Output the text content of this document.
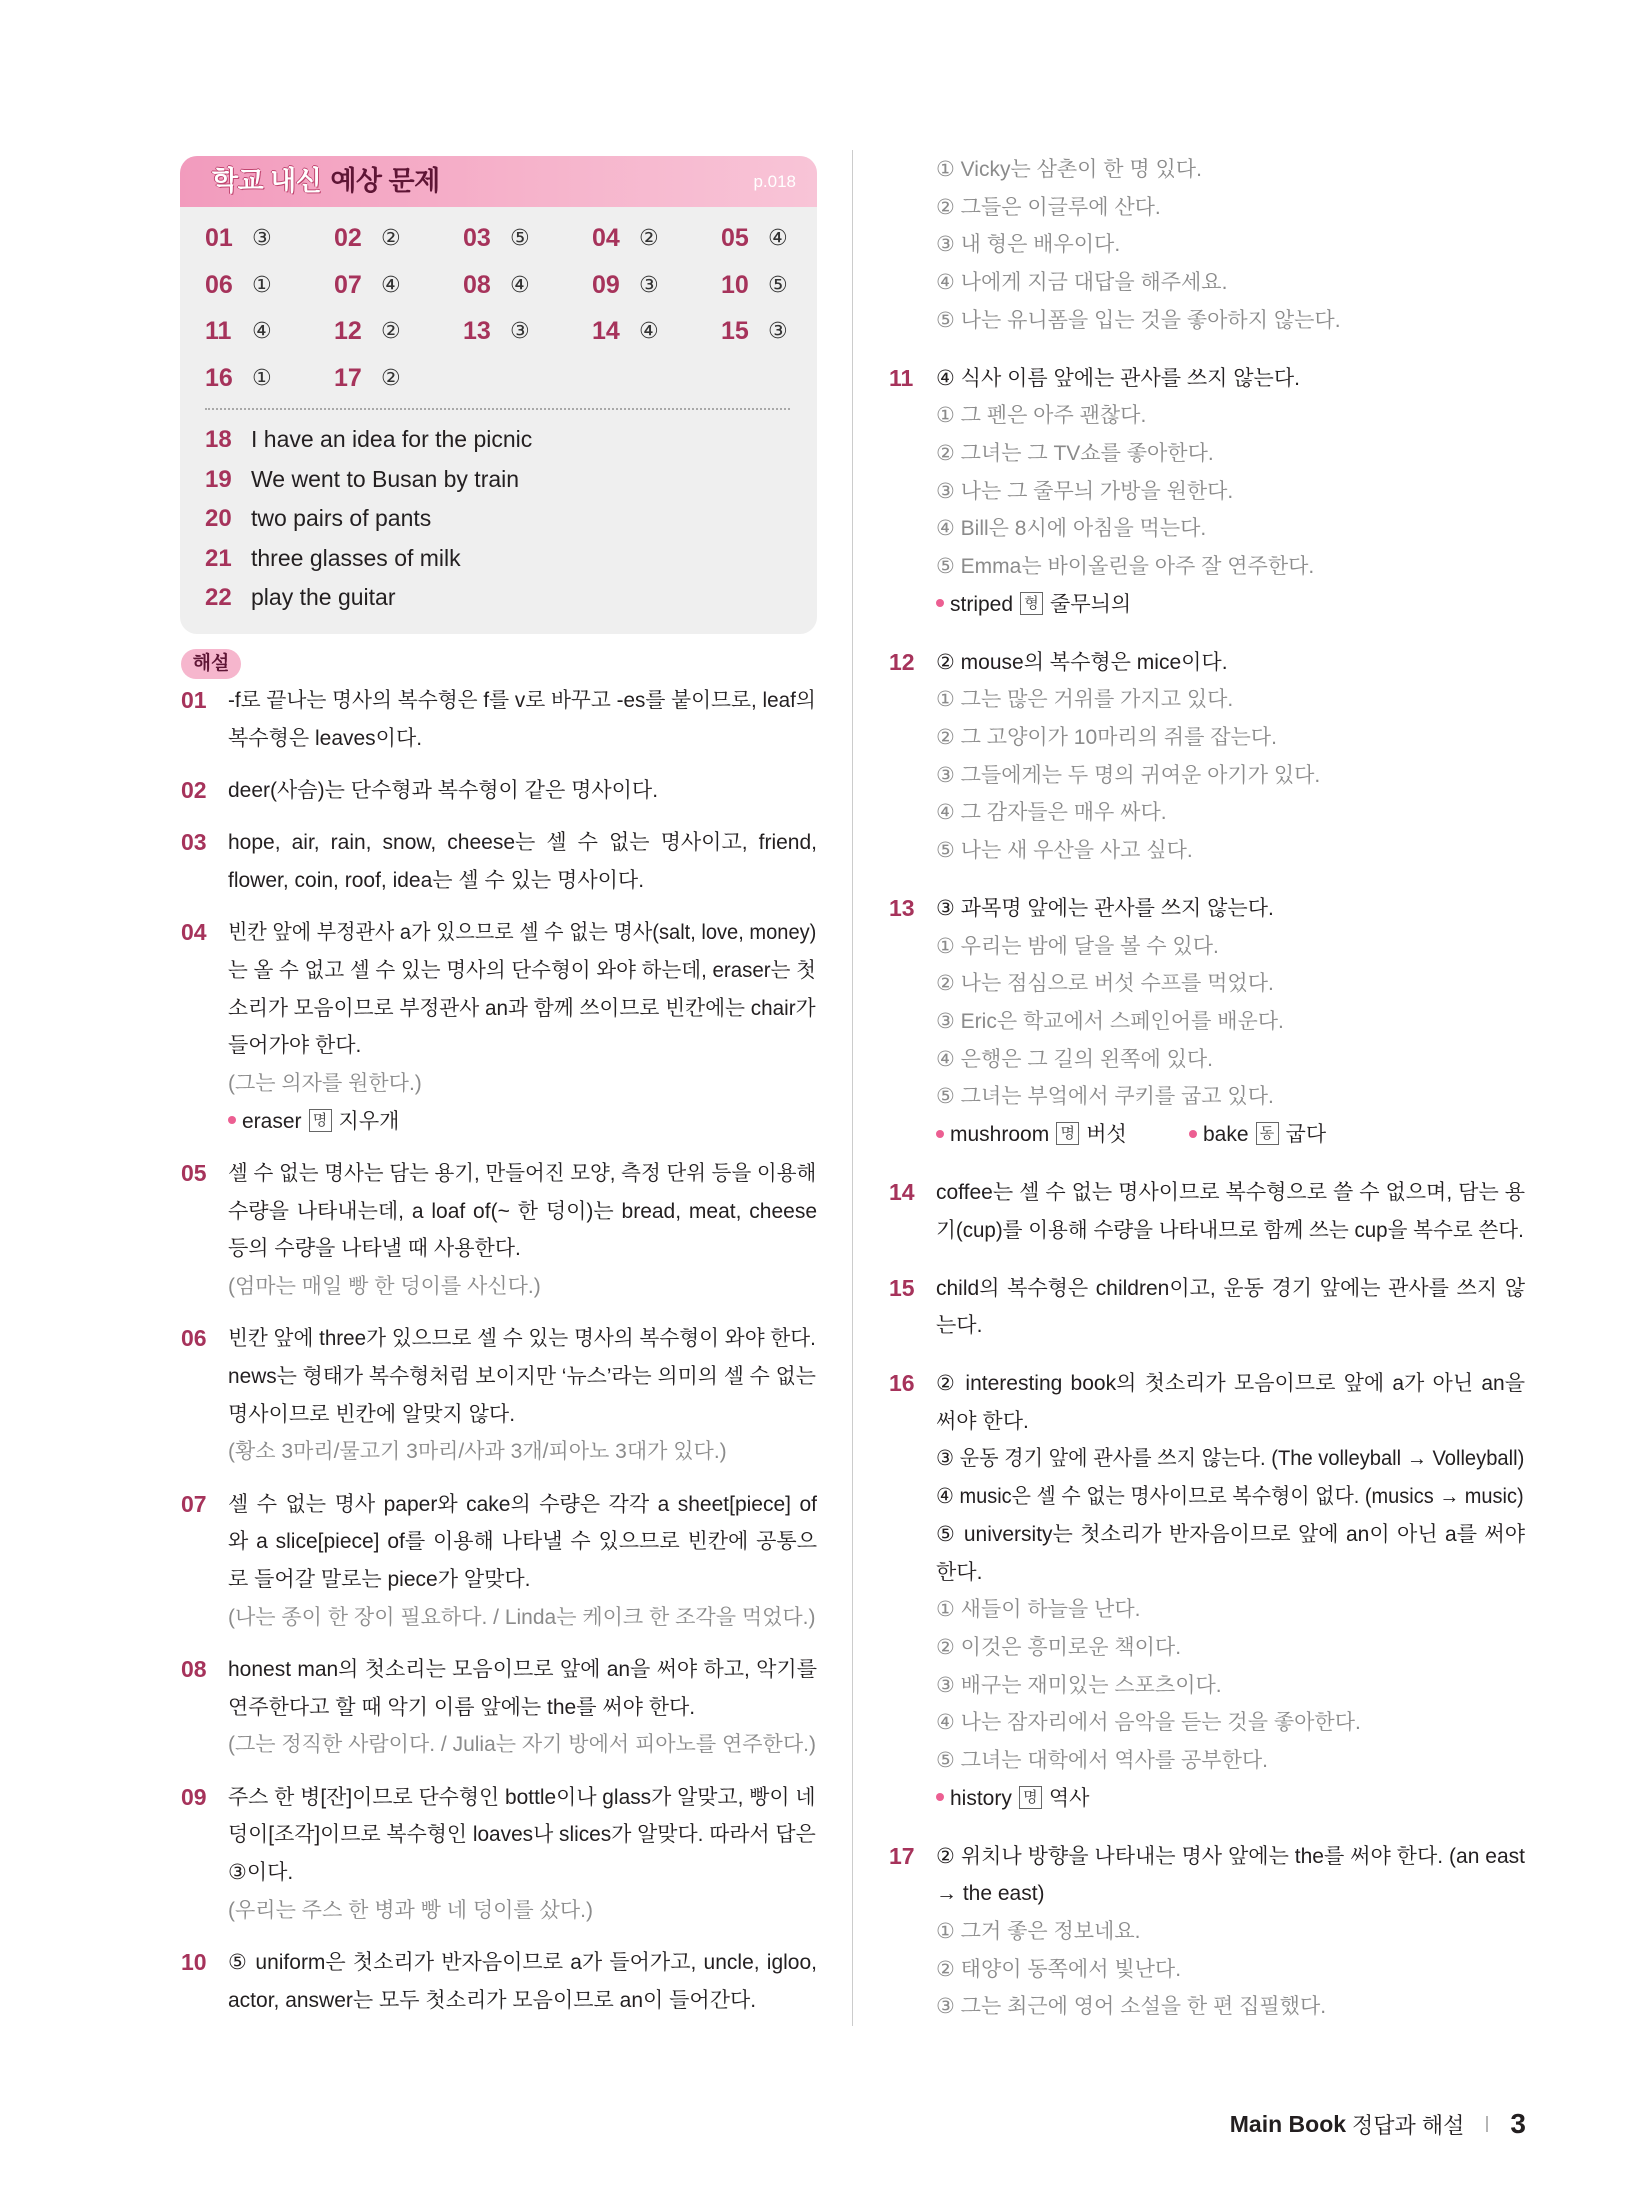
학교 내신 예상 문제	p.018
01 ③ 02 ② 03 ⑤ 04 ② 05 ④
06 ① 07 ④ 08 ④ 09 ③ 10 ⑤
11 ④ 12 ② 13 ③ 14 ④ 15 ③
16 ① 17 ②
18 I have an idea for the picnic
19 We went to Busan by train
20 two pairs of pants
21 three glasses of milk
22 play the guitar
해설
01 -f로 끝나는 명사의 복수형은 f를 v로 바꾸고 -es를 붙이므로, leaf의
복수형은 leaves이다.
02 deer(사슴)는 단수형과 복수형이 같은 명사이다.
03 hope, air, rain, snow, cheese는 셀 수 없는 명사이고, friend,
flower, coin, roof, idea는 셀 수 있는 명사이다.
04 빈칸 앞에 부정관사 a가 있으므로 셀 수 없는 명사(salt, love, money)
는 올 수 없고 셀 수 있는 명사의 단수형이 와야 하는데, eraser는 첫
소리가 모음이므로 부정관사 an과 함께 쓰이므로 빈칸에는 chair가
들어가야 한다.
(그는 의자를 원한다.)
eraser 명 지우개
05 셀 수 없는 명사는 담는 용기, 만들어진 모양, 측정 단위 등을 이용해
수량을 나타내는데, a loaf of(~ 한 덩이)는 bread, meat, cheese
등의 수량을 나타낼 때 사용한다.
(엄마는 매일 빵 한 덩이를 사신다.)
06 빈칸 앞에 three가 있으므로 셀 수 있는 명사의 복수형이 와야 한다.
news는 형태가 복수형처럼 보이지만 ‘뉴스’라는 의미의 셀 수 없는
명사이므로 빈칸에 알맞지 않다.
(황소 3마리/물고기 3마리/사과 3개/피아노 3대가 있다.)
07 셀 수 없는 명사 paper와 cake의 수량은 각각 a sheet[piece] of
와 a slice[piece] of를 이용해 나타낼 수 있으므로 빈칸에 공통으
로 들어갈 말로는 piece가 알맞다.
(나는 종이 한 장이 필요하다. / Linda는 케이크 한 조각을 먹었다.)
08 honest man의 첫소리는 모음이므로 앞에 an을 써야 하고, 악기를
연주한다고 할 때 악기 이름 앞에는 the를 써야 한다.
(그는 정직한 사람이다. / Julia는 자기 방에서 피아노를 연주한다.)
09 주스 한 병[잔]이므로 단수형인 bottle이나 glass가 알맞고, 빵이 네
덩이[조각]이므로 복수형인 loaves나 slices가 알맞다. 따라서 답은
③이다.
(우리는 주스 한 병과 빵 네 덩이를 샀다.)
10 ⑤ uniform은 첫소리가 반자음이므로 a가 들어가고, uncle, igloo,
actor, answer는 모두 첫소리가 모음이므로 an이 들어간다.
① Vicky는 삼촌이 한 명 있다.
② 그들은 이글루에 산다.
③ 내 형은 배우이다.
④ 나에게 지금 대답을 해주세요.
⑤ 나는 유니폼을 입는 것을 좋아하지 않는다.
11 ④ 식사 이름 앞에는 관사를 쓰지 않는다.
① 그 펜은 아주 괜찮다.
② 그녀는 그 TV쇼를 좋아한다.
③ 나는 그 줄무늬 가방을 원한다.
④ Bill은 8시에 아침을 먹는다.
⑤ Emma는 바이올린을 아주 잘 연주한다.
striped 형 줄무늬의
12 ② mouse의 복수형은 mice이다.
① 그는 많은 거위를 가지고 있다.
② 그 고양이가 10마리의 쥐를 잡는다.
③ 그들에게는 두 명의 귀여운 아기가 있다.
④ 그 감자들은 매우 싸다.
⑤ 나는 새 우산을 사고 싶다.
13 ③ 과목명 앞에는 관사를 쓰지 않는다.
① 우리는 밤에 달을 볼 수 있다.
② 나는 점심으로 버섯 수프를 먹었다.
③ Eric은 학교에서 스페인어를 배운다.
④ 은행은 그 길의 왼쪽에 있다.
⑤ 그녀는 부엌에서 쿠키를 굽고 있다.
mushroom 명 버섯	bake 동 굽다
14 coffee는 셀 수 없는 명사이므로 복수형으로 쓸 수 없으며, 담는 용
기(cup)를 이용해 수량을 나타내므로 함께 쓰는 cup을 복수로 쓴다.
15 child의 복수형은 children이고, 운동 경기 앞에는 관사를 쓰지 않
는다.
16 ② interesting book의 첫소리가 모음이므로 앞에 a가 아닌 an을
써야 한다.
③ 운동 경기 앞에 관사를 쓰지 않는다. (The volleyball → Volleyball)
④ music은 셀 수 없는 명사이므로 복수형이 없다. (musics → music)
⑤ university는 첫소리가 반자음이므로 앞에 an이 아닌 a를 써야
한다.
① 새들이 하늘을 난다.
② 이것은 흥미로운 책이다.
③ 배구는 재미있는 스포츠이다.
④ 나는 잠자리에서 음악을 듣는 것을 좋아한다.
⑤ 그녀는 대학에서 역사를 공부한다.
history 명 역사
17 ② 위치나 방향을 나타내는 명사 앞에는 the를 써야 한다. (an east
→ the east)
① 그거 좋은 정보네요.
② 태양이 동쪽에서 빛난다.
③ 그는 최근에 영어 소설을 한 편 집필했다.
Main Book 정답과 해설 3
